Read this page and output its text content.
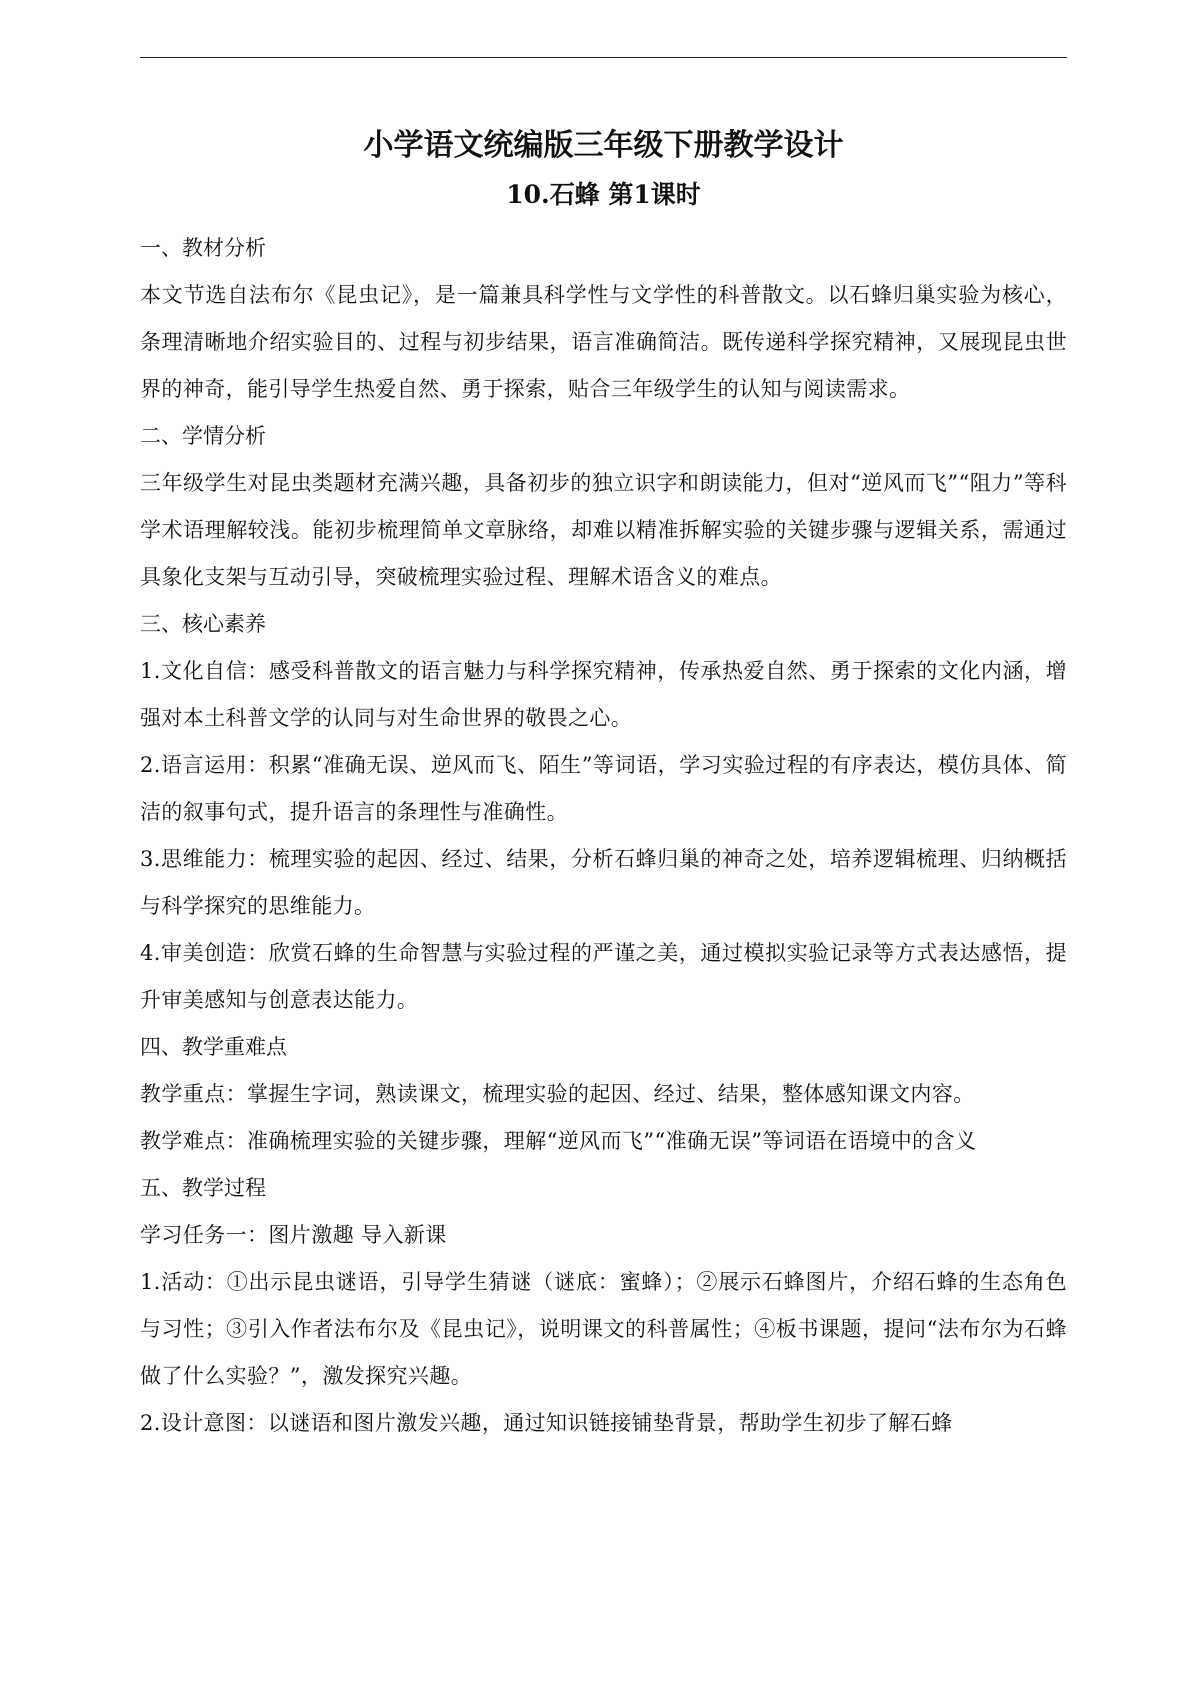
小学语文统编版三年级下册教学设计
10.石蜂 第1课时

一、教材分析

本文节选自法布尔《昆虫记》，是一篇兼具科学性与文学性的科普散文。以石蜂归巢实验为核心，条理清晰地介绍实验目的、过程与初步结果，语言准确简洁。既传递科学探究精神，又展现昆虫世界的神奇，能引导学生热爱自然、勇于探索，贴合三年级学生的认知与阅读需求。

二、学情分析

三年级学生对昆虫类题材充满兴趣，具备初步的独立识字和朗读能力，但对“逆风而飞”“阻力”等科学术语理解较浅。能初步梳理简单文章脉络，却难以精准拆解实验的关键步骤与逻辑关系，需通过具象化支架与互动引导，突破梳理实验过程、理解术语含义的难点。

三、核心素养

1.文化自信：感受科普散文的语言魅力与科学探究精神，传承热爱自然、勇于探索的文化内涵，增强对本土科普文学的认同与对生命世界的敬畏之心。

2.语言运用：积累“准确无误、逆风而飞、陌生”等词语，学习实验过程的有序表达，模仿具体、简洁的叙事句式，提升语言的条理性与准确性。

3.思维能力：梳理实验的起因、经过、结果，分析石蜂归巢的神奇之处，培养逻辑梳理、归纳概括与科学探究的思维能力。

4.审美创造：欣赏石蜂的生命智慧与实验过程的严谨之美，通过模拟实验记录等方式表达感悟，提升审美感知与创意表达能力。

四、教学重难点

教学重点：掌握生字词，熟读课文，梳理实验的起因、经过、结果，整体感知课文内容。

教学难点：准确梳理实验的关键步骤，理解“逆风而飞”“准确无误”等词语在语境中的含义

五、教学过程

学习任务一：图片激趣 导入新课

1.活动：①出示昆虫谜语，引导学生猜谜（谜底：蜜蜂）；②展示石蜂图片，介绍石蜂的生态角色与习性；③引入作者法布尔及《昆虫记》，说明课文的科普属性；④板书课题，提问“法布尔为石蜂做了什么实验？”，激发探究兴趣。

2.设计意图：以谜语和图片激发兴趣，通过知识链接铺垫背景，帮助学生初步了解石蜂
